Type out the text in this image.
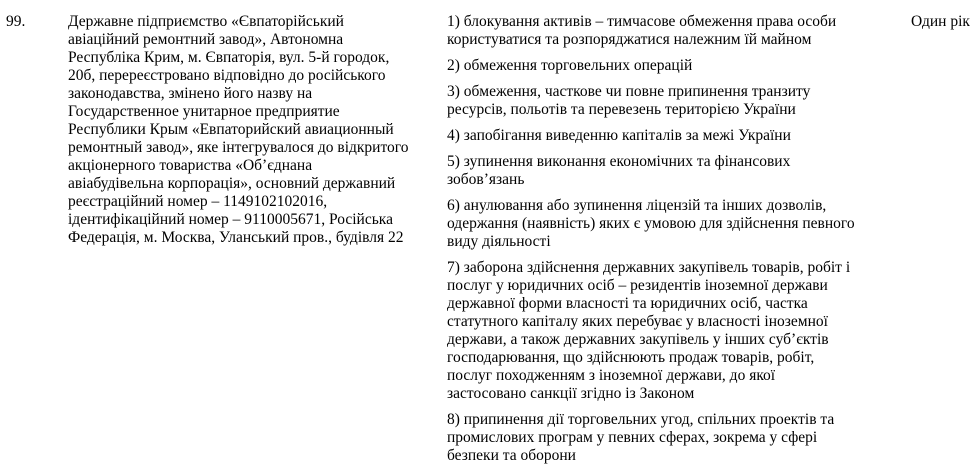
99.	Державне підприємство «Євпаторійський
авіаційний ремонтний завод», Автономна
Республіка Крим, м. Євпаторія, вул. 5-й городок,
20б, перереєстровано відповідно до російського
законодавства, змінено його назву на
Государственное унитарное предприятие
Республики Крым «Евпаторийский авиационный
ремонтный завод», яке інтегрувалося до відкритого
акціонерного товариства «Об’єднана
авіабудівельна корпорація», основний державний
реєстраційний номер – 1149102102016,
ідентифікаційний номер – 9110005671, Російська
Федерація, м. Москва, Уланський пров., будівля 22
1) блокування активів – тимчасове обмеження права особи
користуватися та розпоряджатися належним їй майном
2) обмеження торговельних операцій
3) обмеження, часткове чи повне припинення транзиту
ресурсів, польотів та перевезень територією України
4) запобігання виведенню капіталів за межі України
5) зупинення виконання економічних та фінансових
зобов’язань
6) анулювання або зупинення ліцензій та інших дозволів,
одержання (наявність) яких є умовою для здійснення певного
виду діяльності
7) заборона здійснення державних закупівель товарів, робіт і
послуг у юридичних осіб – резидентів іноземної держави
державної форми власності та юридичних осіб, частка
статутного капіталу яких перебуває у власності іноземної
держави, а також державних закупівель у інших суб’єктів
господарювання, що здійснюють продаж товарів, робіт,
послуг походженням з іноземної держави, до якої
застосовано санкції згідно із Законом
8) припинення дії торговельних угод, спільних проектів та
промислових програм у певних сферах, зокрема у сфері
безпеки та оборони
Один рік
